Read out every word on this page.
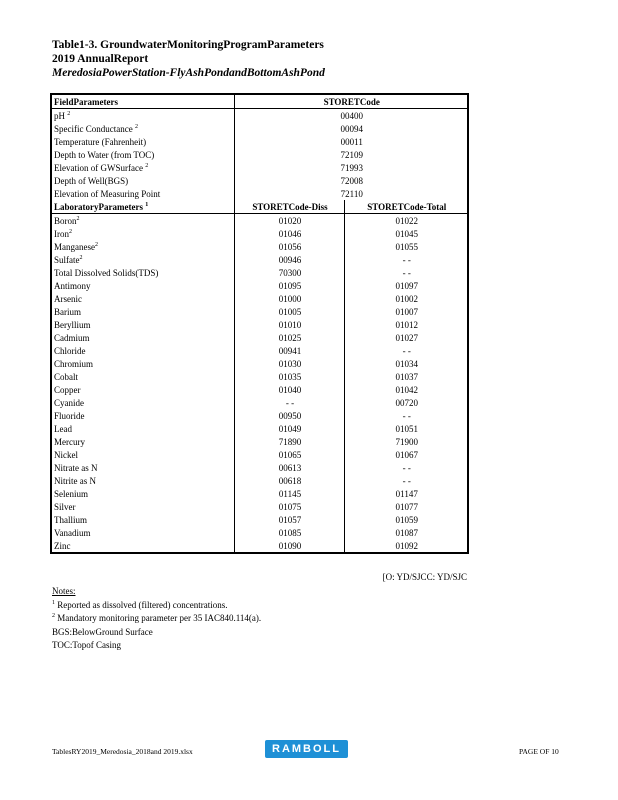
Table1-3. GroundwaterMonitoringProgramParameters
2019 AnnualReport
MeredosiaPowerStation-FlyAshPondandBottomAshPond
FieldParameters	STORETCode	
pH $^2$	00400	
Specific Conductance $^2$	00094	
Temperature (Fahrenheit)	00011	
Depth to Water (from TOC)	72109	
Elevation of GWSurface $^2$	71993	
Depth of Well(BGS)	72008	
Elevation of Measuring Point	72110	
LaboratoryParameters $^1$	STORETCode-Diss	STORETCode-Total
Boron$^2$	01020	01022
Iron$^2$	01046	01045
Manganese$^2$	01056	01055
Sulfate$^2$	00946	- -
Total Dissolved Solids(TDS)	70300	- -
Antimony	01095	01097
Arsenic	01000	01002
Barium	01005	01007
Beryllium	01010	01012
Cadmium	01025	01027
Chloride	00941	- -
Chromium	01030	01034
Cobalt	01035	01037
Copper	01040	01042
Cyanide	- -	00720
Fluoride	00950	- -
Lead	01049	01051
Mercury	71890	71900
Nickel	01065	01067
Nitrate as N	00613	- -
Nitrite as N	00618	- -
Selenium	01145	01147
Silver	01075	01077
Thallium	01057	01059
Vanadium	01085	01087
Zinc	01090	01092
[O: YD/SJCC: YD/SJC
Notes:
$^1$ Reported as dissolved (filtered) concentrations.
$^2$ Mandatory monitoring parameter per 35 IAC840.114(a).
BGS:BelowGround Surface
TOC:Topof Casing
TablesRY2019_Meredosia_2018and 2019.xlsx	RAMBOLL	PAGE OF 10
